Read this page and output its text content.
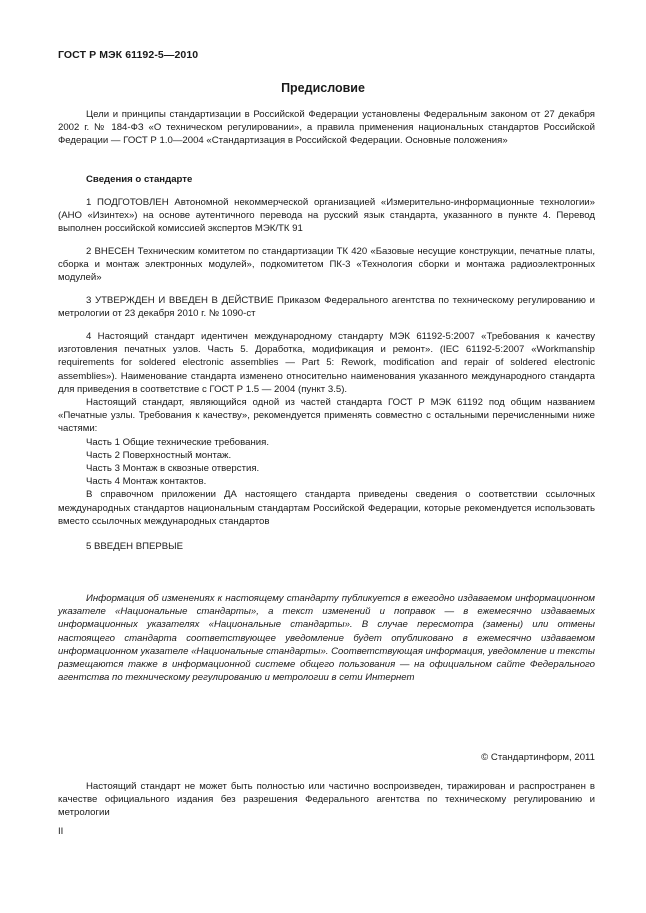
ГОСТ Р МЭК 61192-5—2010
Предисловие

Цели и принципы стандартизации в Российской Федерации установлены Федеральным законом от 27 декабря 2002 г. № 184-ФЗ «О техническом регулировании», а правила применения национальных стандартов Российской Федерации — ГОСТ Р 1.0—2004 «Стандартизация в Российской Федерации. Основные положения»

Сведения о стандарте

1 ПОДГОТОВЛЕН Автономной некоммерческой организацией «Измерительно-информационные технологии» (АНО «Изинтех») на основе аутентичного перевода на русский язык стандарта, указанного в пункте 4. Перевод выполнен российской комиссией экспертов МЭК/ТК 91

2 ВНЕСЕН Техническим комитетом по стандартизации ТК 420 «Базовые несущие конструкции, печатные платы, сборка и монтаж электронных модулей», подкомитетом ПК-3 «Технология сборки и монтажа радиоэлектронных модулей»

3 УТВЕРЖДЕН И ВВЕДЕН В ДЕЙСТВИЕ Приказом Федерального агентства по техническому регулированию и метрологии от 23 декабря 2010 г. № 1090-ст

4 Настоящий стандарт идентичен международному стандарту МЭК 61192-5:2007 «Требования к качеству изготовления печатных узлов. Часть 5. Доработка, модификация и ремонт». (IEC 61192-5:2007 «Workmanship requirements for soldered electronic assemblies — Part 5: Rework, modification and repair of soldered electronic assemblies»). Наименование стандарта изменено относительно наименования указанного международного стандарта для приведения в соответствие с ГОСТ Р 1.5 — 2004 (пункт 3.5).

Настоящий стандарт, являющийся одной из частей стандарта ГОСТ Р МЭК 61192 под общим названием «Печатные узлы. Требования к качеству», рекомендуется применять совместно с остальными перечисленными ниже частями:

Часть 1 Общие технические требования.

Часть 2 Поверхностный монтаж.

Часть 3 Монтаж в сквозные отверстия.

Часть 4 Монтаж контактов.

В справочном приложении ДА настоящего стандарта приведены сведения о соответствии ссылочных международных стандартов национальным стандартам Российской Федерации, которые рекомендуется использовать вместо ссылочных международных стандартов

5 ВВЕДЕН ВПЕРВЫЕ

Информация об изменениях к настоящему стандарту публикуется в ежегодно издаваемом информационном указателе «Национальные стандарты», а текст изменений и поправок — в ежемесячно издаваемых информационных указателях «Национальные стандарты». В случае пересмотра (замены) или отмены настоящего стандарта соответствующее уведомление будет опубликовано в ежемесячно издаваемом информационном указателе «Национальные стандарты». Соответствующая информация, уведомление и тексты размещаются также в информационной системе общего пользования — на официальном сайте Федерального агентства по техническому регулированию и метрологии в сети Интернет

© Стандартинформ, 2011

Настоящий стандарт не может быть полностью или частично воспроизведен, тиражирован и распространен в качестве официального издания без разрешения Федерального агентства по техническому регулированию и метрологии

II
